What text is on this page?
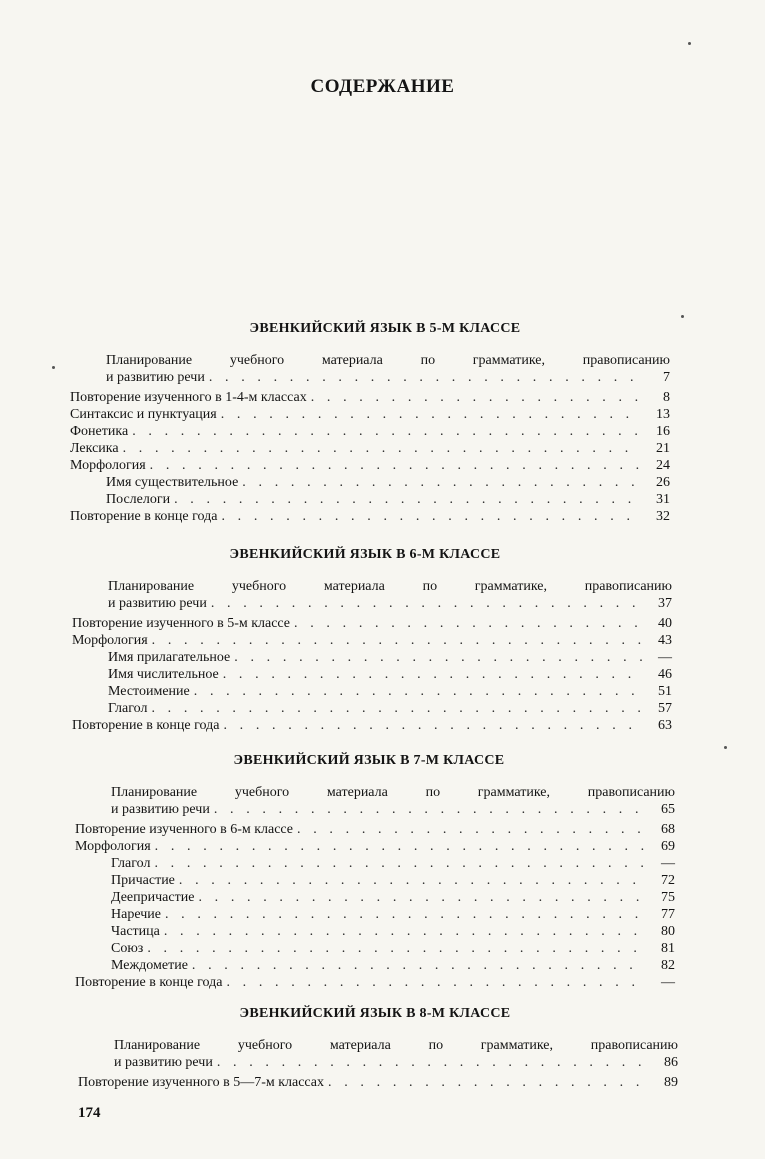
СОДЕРЖАНИЕ
ЭВЕНКИЙСКИЙ ЯЗЫК В 5-М КЛАССЕ
Планирование учебного материала по грамматике, правописанию
и развитию речи . . .	7
Повторение изученного в 1-4-м классах . . .	8
Синтаксис и пунктуация . . .	13
Фонетика . . .	16
Лексика . . .	21
Морфология . . .	24
Имя существительное . . .	26
Послелоги . . .	31
Повторение в конце года . . .	32
ЭВЕНКИЙСКИЙ ЯЗЫК В 6-М КЛАССЕ
Планирование учебного материала по грамматике, правописанию
и развитию речи . . .	37
Повторение изученного в 5-м классе . . .	40
Морфология . . .	43
Имя прилагательное . . .	—
Имя числительное . . .	46
Местоимение . . .	51
Глагол . . .	57
Повторение в конце года . . .	63
ЭВЕНКИЙСКИЙ ЯЗЫК В 7-М КЛАССЕ
Планирование учебного материала по грамматике, правописанию
и развитию речи . . .	65
Повторение изученного в 6-м классе . . .	68
Морфология . . .	69
Глагол . . .	—
Причастие . . .	72
Деепричастие . . .	75
Наречие . . .	77
Частица . . .	80
Союз . . .	81
Междометие . . .	82
Повторение в конце года . . .	—
ЭВЕНКИЙСКИЙ ЯЗЫК В 8-М КЛАССЕ
Планирование учебного материала по грамматике, правописанию
и развитию речи . . .	86
Повторение изученного в 5—7-м классах . . .	89
174
